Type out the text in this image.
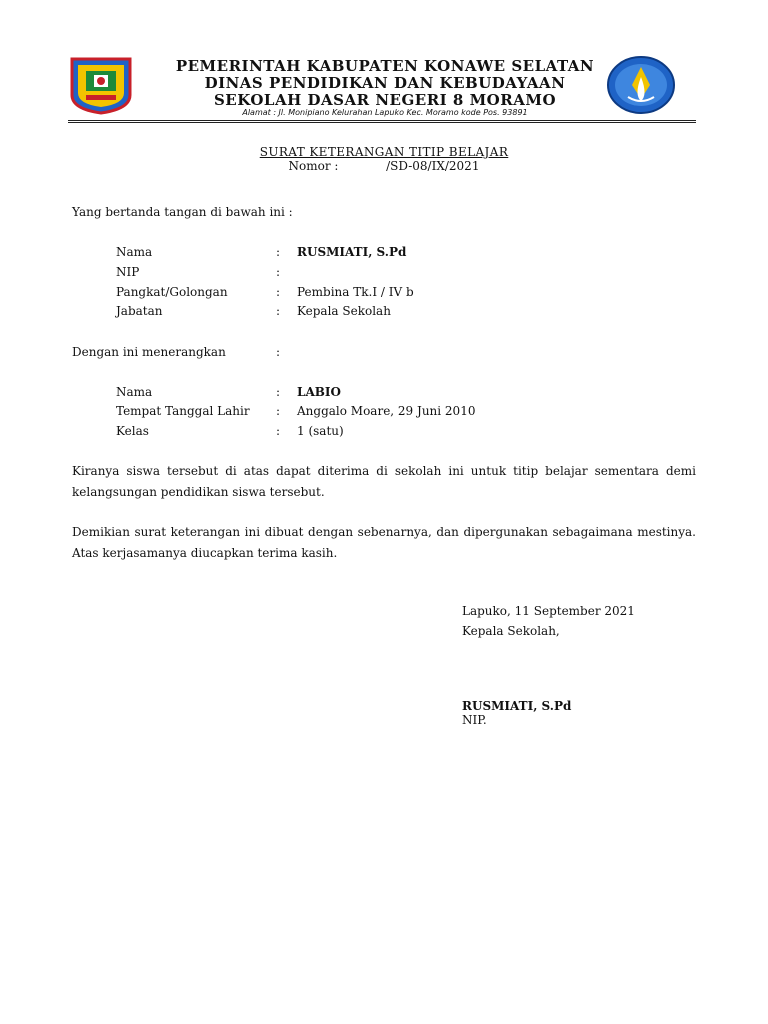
PEMERINTAH KABUPATEN KONAWE SELATAN
DINAS PENDIDIKAN DAN KEBUDAYAAN
SEKOLAH DASAR NEGERI 8 MORAMO
Alamat : Jl. Monipiano Kelurahan Lapuko Kec. Moramo kode Pos. 93891
SURAT KETERANGAN TITIP BELAJAR
Nomor :	/SD-08/IX/2021
Yang bertanda tangan di bawah ini :
Nama	: RUSMIATI, S.Pd
NIP	:
Pangkat/Golongan	: Pembina Tk.I / IV b
Jabatan	: Kepala Sekolah
Dengan ini menerangkan	:
Nama	: LABIO
Tempat Tanggal Lahir : Anggalo Moare, 29 Juni 2010
Kelas	: 1 (satu)
Kiranya siswa tersebut di atas dapat diterima di sekolah ini untuk titip belajar sementara demi kelangsungan pendidikan siswa tersebut.
Demikian surat keterangan ini dibuat dengan sebenarnya, dan dipergunakan sebagaimana mestinya. Atas kerjasamanya diucapkan terima kasih.
Lapuko, 11 September 2021
Kepala Sekolah,
RUSMIATI, S.Pd
NIP.
